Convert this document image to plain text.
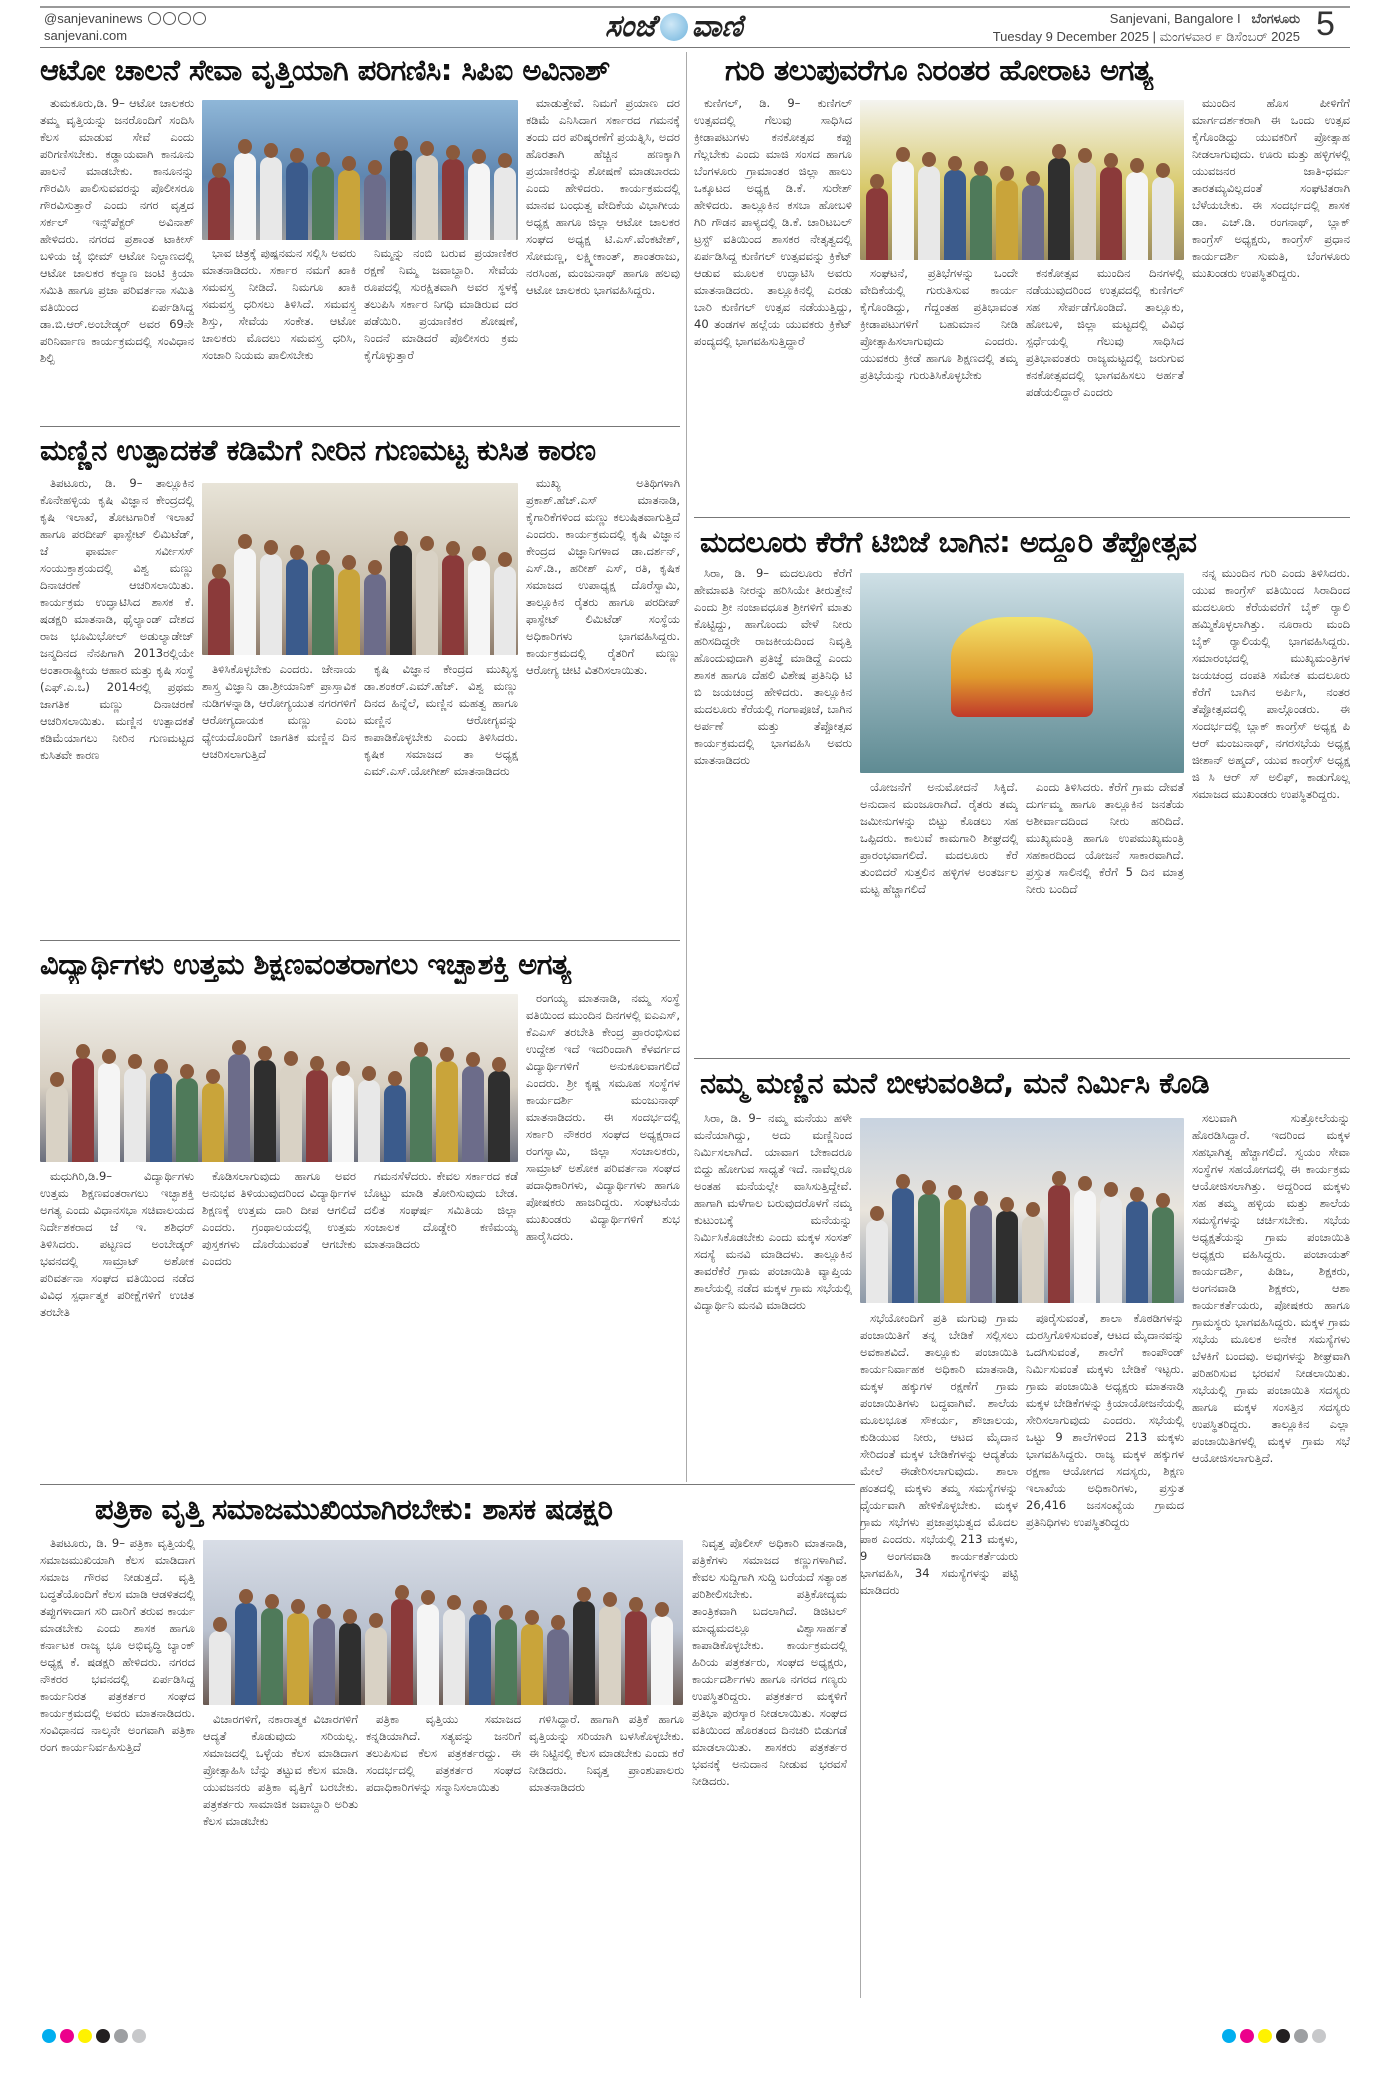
@sanjevaninews
sanjevani.com	ಸಂಜೆ ವಾಣಿ	Sanjevani, Bangalore I ಬೆಂಗಳೂರು
Tuesday 9 December 2025 | ಮಂಗಳವಾರ ೯ ಡಿಸೆಂಬರ್ 2025 5
ಆಟೋ ಚಾಲನೆ ಸೇವಾ ವೃತ್ತಿಯಾಗಿ ಪರಿಗಣಿಸಿ: ಸಿಪಿಐ ಅವಿನಾಶ್	ಗುರಿ ತಲುಪುವರೆಗೂ ನಿರಂತರ ಹೋರಾಟ ಅಗತ್ಯ
ಮಣ್ಣಿನ ಉತ್ಪಾದಕತೆ ಕಡಿಮೆಗೆ ನೀರಿನ ಗುಣಮಟ್ಟ ಕುಸಿತ ಕಾರಣ
ಮದಲೂರು ಕೆರೆಗೆ ಟಿಬಿಜೆ ಬಾಗಿನ: ಅದ್ದೂರಿ ತೆಪ್ಪೋತ್ಸವ
ವಿದ್ಯಾರ್ಥಿಗಳು ಉತ್ತಮ ಶಿಕ್ಷಣವಂತರಾಗಲು ಇಚ್ಛಾಶಕ್ತಿ ಅಗತ್ಯ
ನಮ್ಮ ಮಣ್ಣಿನ ಮನೆ ಬೀಳುವಂತಿದೆ, ಮನೆ ನಿರ್ಮಿಸಿ ಕೊಡಿ
ಪತ್ರಿಕಾ ವೃತ್ತಿ ಸಮಾಜಮುಖಿಯಾಗಿರಬೇಕು: ಶಾಸಕ ಷಡಕ್ಷರಿ
ತುಮಕೂರು,ಡಿ. 9– ಆಟೋ ಚಾಲಕರು ತಮ್ಮ ವೃತ್ತಿಯನ್ನು ಜನರೊಂದಿಗೆ ಸಂದಿಸಿ ಕೆಲಸ ಮಾಡುವ ಸೇವೆ ಎಂದು ಪರಿಗಣಿಸಬೇಕು. ಕಡ್ಡಾಯವಾಗಿ ಕಾನೂನು ಪಾಲನೆ ಮಾಡಬೇಕು. ಕಾನೂನನ್ನು ಗೌರವಿಸಿ ಪಾಲಿಸುವವರನ್ನು ಪೊಲೀಸರೂ ಗೌರವಿಸುತ್ತಾರೆ ಎಂದು ನಗರ ವೃತ್ತದ ಸರ್ಕಲ್ ಇನ್ಸ್‌ಪೆಕ್ಟರ್ ಅವಿನಾಶ್ ಹೇಳಿದರು. ನಗರದ ಪ್ರಶಾಂತ ಟಾಕೀಸ್ ಬಳಿಯ ಜೈ ಭೀಮ್ ಆಟೋ ನಿಲ್ದಾಣದಲ್ಲಿ ಆಟೋ ಚಾಲಕರ ಕಲ್ಯಾಣ ಜಂಟಿ ಕ್ರಿಯಾ ಸಮಿತಿ ಹಾಗೂ ಪ್ರಜಾ ಪರಿವರ್ತನಾ ಸಮಿತಿ ವತಿಯಿಂದ ಏರ್ಪಡಿಸಿದ್ದ ಡಾ.ಬಿ.ಆರ್.ಅಂಬೇಡ್ಕರ್ ಅವರ 69ನೇ ಪರಿನಿರ್ವಾಣ ಕಾರ್ಯಕ್ರಮದಲ್ಲಿ ಸಂವಿಧಾನ ಶಿಲ್ಪಿ
ಭಾವ ಚಿತ್ರಕ್ಕೆ ಪುಷ್ಪನಮನ ಸಲ್ಲಿಸಿ ಅವರು ಮಾತನಾಡಿದರು. ಸರ್ಕಾರ ನಮಗೆ ಖಾಕಿ ಸಮವಸ್ತ್ರ ನೀಡಿದೆ. ನಿಮಗೂ ಖಾಕಿ ಸಮವಸ್ತ್ರ ಧರಿಸಲು ತಿಳಿಸಿದೆ. ಸಮವಸ್ತ್ರ ಶಿಸ್ತು, ಸೇವೆಯ ಸಂಕೇತ. ಆಟೋ ಚಾಲಕರು ಮೊದಲು ಸಮವಸ್ತ್ರ ಧರಿಸಿ, ಸಂಚಾರಿ ನಿಯಮ ಪಾಲಿಸಬೇಕು
ನಿಮ್ಮನ್ನು ನಂಬಿ ಬರುವ ಪ್ರಯಾಣಿಕರ ರಕ್ಷಣೆ ನಿಮ್ಮ ಜವಾಬ್ದಾರಿ. ಸೇವೆಯ ರೂಪದಲ್ಲಿ ಸುರಕ್ಷಿತವಾಗಿ ಅವರ ಸ್ಥಳಕ್ಕೆ ತಲುಪಿಸಿ ಸರ್ಕಾರ ನಿಗಧಿ ಮಾಡಿರುವ ದರ ಪಡೆಯಿರಿ. ಪ್ರಯಾಣಿಕರ ಶೋಷಣೆ, ನಿಂದನೆ ಮಾಡಿದರೆ ಪೊಲೀಸರು ಕ್ರಮ ಕೈಗೊಳ್ಳುತ್ತಾರೆ
ಮಾಡುತ್ತೇವೆ. ನಿಮಗೆ ಪ್ರಯಾಣ ದರ ಕಡಿಮೆ ಎನಿಸಿದಾಗ ಸರ್ಕಾರದ ಗಮನಕ್ಕೆ ತಂದು ದರ ಪರಿಷ್ಕರಣೆಗೆ ಪ್ರಯತ್ನಿಸಿ, ಅದರ ಹೊರತಾಗಿ ಹೆಚ್ಚಿನ ಹಣಕ್ಕಾಗಿ ಪ್ರಯಾಣಿಕರನ್ನು ಶೋಷಣೆ ಮಾಡಬಾರದು ಎಂದು ಹೇಳಿದರು. ಕಾರ್ಯಕ್ರಮದಲ್ಲಿ ಮಾನವ ಬಂಧುತ್ವ ವೇದಿಕೆಯ ವಿಭಾಗೀಯ ಅಧ್ಯಕ್ಷ ಹಾಗೂ ಜಿಲ್ಲಾ ಆಟೋ ಚಾಲಕರ ಸಂಘದ ಅಧ್ಯಕ್ಷ ಟಿ.ಎಸ್.ವೆಂಕಟೇಶ್, ಸೋಮಣ್ಣ, ಲಕ್ಷ್ಮೀಕಾಂತ್, ಶಾಂತರಾಜು, ನರಸಿಂಹ, ಮಂಜುನಾಥ್ ಹಾಗೂ ಹಲವು ಆಟೋ ಚಾಲಕರು ಭಾಗವಹಿಸಿದ್ದರು.
ತಿಪಟೂರು, ಡಿ. 9– ತಾಲ್ಲೂಕಿನ ಕೊನೇಹಳ್ಳಿಯ ಕೃಷಿ ವಿಜ್ಞಾನ ಕೇಂದ್ರದಲ್ಲಿ ಕೃಷಿ ಇಲಾಖೆ, ತೋಟಗಾರಿಕೆ ಇಲಾಖೆ ಹಾಗೂ ಪರದೀಪ್ ಫಾಸ್ಫೇಟ್ ಲಿಮಿಟೆಡ್, ಜೆ ಫಾರ್ಮಾ ಸರ್ವೀಸಸ್ ಸಂಯುಕ್ತಾಶ್ರಯದಲ್ಲಿ ವಿಶ್ವ ಮಣ್ಣು ದಿನಾಚರಣೆ ಆಚರಿಸಲಾಯಿತು. ಕಾರ್ಯಕ್ರಮ ಉದ್ಘಾಟಿಸಿದ ಶಾಸಕ ಕೆ. ಷಡಕ್ಷರಿ ಮಾತನಾಡಿ, ಥೈಲ್ಯಾಂಡ್ ದೇಶದ ರಾಜ ಭೂಮಿಭೋಲ್ ಅಡುಲ್ಯಾಡೇಜ್ ಜನ್ಮದಿನದ ನೆನಪಿಗಾಗಿ 2013ರಲ್ಲಿಯೇ ಅಂತಾರಾಷ್ಟ್ರೀಯ ಆಹಾರ ಮತ್ತು ಕೃಷಿ ಸಂಸ್ಥೆ (ಎಫ್.ಎ.ಒ) 2014ರಲ್ಲಿ ಪ್ರಥಮ ಜಾಗತಿಕ ಮಣ್ಣು ದಿನಾಚರಣೆ ಆಚರಿಸಲಾಯಿತು. ಮಣ್ಣಿನ ಉತ್ಪಾದಕತೆ ಕಡಿಮೆಯಾಗಲು ನೀರಿನ ಗುಣಮಟ್ಟದ ಕುಸಿತವೇ ಕಾರಣ
ತಿಳಿಸಿಕೊಳ್ಳಬೇಕು ಎಂದರು. ಜೇನಾಯ ಶಾಸ್ತ್ರ ವಿಜ್ಞಾನಿ ಡಾ.ಶ್ರೀಯಾನಿಕ್ ಪ್ರಾಸ್ತಾವಿಕ ನುಡಿಗಳನ್ನಾಡಿ, ಆರೋಗ್ಯಯುತ ನಗರಗಳಿಗೆ ಆರೋಗ್ಯದಾಯಕ ಮಣ್ಣು ಎಂಬ ಧ್ಯೇಯದೊಂದಿಗೆ ಜಾಗತಿಕ ಮಣ್ಣಿನ ದಿನ ಆಚರಿಸಲಾಗುತ್ತಿದೆ
ಕೃಷಿ ವಿಜ್ಞಾನ ಕೇಂದ್ರದ ಮುಖ್ಯಸ್ಥ ಡಾ.ಶಂಕರ್.ಎಮ್.ಹೆಚ್. ವಿಶ್ವ ಮಣ್ಣು ದಿನದ ಹಿನ್ನೆಲೆ, ಮಣ್ಣಿನ ಮಹತ್ವ ಹಾಗೂ ಮಣ್ಣಿನ ಆರೋಗ್ಯವನ್ನು ಕಾಪಾಡಿಕೊಳ್ಳಬೇಕು ಎಂದು ತಿಳಿಸಿದರು. ಕೃಷಿಕ ಸಮಾಜದ ತಾ ಅಧ್ಯಕ್ಷ ಎಮ್.ಎಸ್.ಯೋಗೀಶ್ ಮಾತನಾಡಿದರು
ಮುಖ್ಯ ಅತಿಥಿಗಳಾಗಿ ಪ್ರಕಾಶ್.ಹೆಚ್.ಎಸ್ ಮಾತನಾಡಿ, ಕೈಗಾರಿಕೆಗಳಿಂದ ಮಣ್ಣು ಕಲುಷಿತವಾಗುತ್ತಿದೆ ಎಂದರು. ಕಾರ್ಯಕ್ರಮದಲ್ಲಿ ಕೃಷಿ ವಿಜ್ಞಾನ ಕೇಂದ್ರದ ವಿಜ್ಞಾನಿಗಳಾದ ಡಾ.ದರ್ಶನ್, ಎಸ್.ಡಿ., ಹರೀಶ್ ಎಸ್, ರತಿ, ಕೃಷಿಕ ಸಮಾಜದ ಉಪಾಧ್ಯಕ್ಷ ದೊರೆಸ್ವಾಮಿ, ತಾಲ್ಲೂಕಿನ ರೈತರು ಹಾಗೂ ಪರದೀಪ್ ಫಾಸ್ಫೇಟ್ ಲಿಮಿಟೆಡ್ ಸಂಸ್ಥೆಯ ಅಧಿಕಾರಿಗಳು ಭಾಗವಹಿಸಿದ್ದರು. ಕಾರ್ಯಕ್ರಮದಲ್ಲಿ ರೈತರಿಗೆ ಮಣ್ಣು ಆರೋಗ್ಯ ಚೀಟಿ ವಿತರಿಸಲಾಯಿತು.
ಮಧುಗಿರಿ,ಡಿ.9– ವಿದ್ಯಾರ್ಥಿಗಳು ಉತ್ತಮ ಶಿಕ್ಷಣವಂತರಾಗಲು ಇಚ್ಛಾಶಕ್ತಿ ಅಗತ್ಯ ಎಂದು ವಿಧಾನಸಭಾ ಸಚಿವಾಲಯದ ನಿರ್ದೇಶಕರಾದ ಜೆ ಇ. ಶಶಿಧರ್ ತಿಳಿಸಿದರು. ಪಟ್ಟಣದ ಅಂಬೇಡ್ಕರ್ ಭವನದಲ್ಲಿ ಸಾಮ್ರಾಟ್ ಅಶೋಕ ಪರಿವರ್ತನಾ ಸಂಘದ ವತಿಯಿಂದ ನಡೆದ ವಿವಿಧ ಸ್ಪರ್ಧಾತ್ಮಕ ಪರೀಕ್ಷೆಗಳಿಗೆ ಉಚಿತ ತರಬೇತಿ
ಕೊಡಿಸಲಾಗುವುದು ಹಾಗೂ ಅವರ ಅನುಭವ ತಿಳಿಯುವುದರಿಂದ ವಿದ್ಯಾರ್ಥಿಗಳ ಶಿಕ್ಷಣಕ್ಕೆ ಉತ್ತಮ ದಾರಿ ದೀಪ ಆಗಲಿದೆ ಎಂದರು. ಗ್ರಂಥಾಲಯದಲ್ಲಿ ಉತ್ತಮ ಪುಸ್ತಕಗಳು ದೊರೆಯುವಂತೆ ಆಗಬೇಕು ಎಂದರು
ಗಮನಸೆಳೆದರು. ಕೇವಲ ಸರ್ಕಾರದ ಕಡೆ ಬೊಟ್ಟು ಮಾಡಿ ತೋರಿಸುವುದು ಬೇಡ. ದಲಿತ ಸಂಘರ್ಷ ಸಮಿತಿಯ ಜಿಲ್ಲಾ ಸಂಚಾಲಕ ದೊಡ್ಡೇರಿ ಕಣಿಮಯ್ಯ ಮಾತನಾಡಿದರು
ರಂಗಯ್ಯ ಮಾತನಾಡಿ, ನಮ್ಮ ಸಂಸ್ಥೆ ವತಿಯಿಂದ ಮುಂದಿನ ದಿನಗಳಲ್ಲಿ ಐಎಎಸ್, ಕೆಎಎಸ್ ತರಬೇತಿ ಕೇಂದ್ರ ಪ್ರಾರಂಭಿಸುವ ಉದ್ದೇಶ ಇದೆ ಇದರಿಂದಾಗಿ ಕೆಳವರ್ಗದ ವಿದ್ಯಾರ್ಥಿಗಳಿಗೆ ಅನುಕೂಲವಾಗಲಿದೆ ಎಂದರು. ಶ್ರೀ ಕೃಷ್ಣ ಸಮೂಹ ಸಂಸ್ಥೆಗಳ ಕಾರ್ಯದರ್ಶಿ ಮಂಜುನಾಥ್ ಮಾತನಾಡಿದರು. ಈ ಸಂದರ್ಭದಲ್ಲಿ ಸರ್ಕಾರಿ ನೌಕರರ ಸಂಘದ ಅಧ್ಯಕ್ಷರಾದ ರಂಗಸ್ವಾಮಿ, ಜಿಲ್ಲಾ ಸಂಚಾಲಕರು, ಸಾಮ್ರಾಟ್ ಅಶೋಕ ಪರಿವರ್ತನಾ ಸಂಘದ ಪದಾಧಿಕಾರಿಗಳು, ವಿದ್ಯಾರ್ಥಿಗಳು ಹಾಗೂ ಪೋಷಕರು ಹಾಜರಿದ್ದರು. ಸಂಘಟನೆಯ ಮುಖಂಡರು ವಿದ್ಯಾರ್ಥಿಗಳಿಗೆ ಶುಭ ಹಾರೈಸಿದರು.
ಕುಣಿಗಲ್, ಡಿ. 9– ಕುಣಿಗಲ್ ಉತ್ಸವದಲ್ಲಿ ಗೆಲುವು ಸಾಧಿಸಿದ ಕ್ರೀಡಾಪಟುಗಳು ಕನಕೋತ್ಸವ ಕಪ್ಪು ಗೆಲ್ಲಬೇಕು ಎಂದು ಮಾಜಿ ಸಂಸದ ಹಾಗೂ ಬೆಂಗಳೂರು ಗ್ರಾಮಾಂತರ ಜಿಲ್ಲಾ ಹಾಲು ಒಕ್ಕೂಟದ ಅಧ್ಯಕ್ಷ ಡಿ.ಕೆ. ಸುರೇಶ್ ಹೇಳಿದರು. ತಾಲ್ಲೂಕಿನ ಕಸಬಾ ಹೋಬಳಿ ಗಿರಿ ಗೌಡನ ಪಾಳ್ಯದಲ್ಲಿ ಡಿ.ಕೆ. ಚಾರಿಟಬಲ್ ಟ್ರಸ್ಟ್ ವತಿಯಿಂದ ಶಾಸಕರ ನೇತೃತ್ವದಲ್ಲಿ ಏರ್ಪಡಿಸಿದ್ದ ಕುಣಿಗಲ್ ಉತ್ಸವವನ್ನು ಕ್ರಿಕೆಟ್ ಆಡುವ ಮೂಲಕ ಉದ್ಘಾಟಿಸಿ ಅವರು ಮಾತನಾಡಿದರು. ತಾಲ್ಲೂಕಿನಲ್ಲಿ ಎರಡು ಬಾರಿ ಕುಣಿಗಲ್ ಉತ್ಸವ ನಡೆಯುತ್ತಿದ್ದು, 40 ತಂಡಗಳ ಹಲ್ಲೆಯ ಯುವಕರು ಕ್ರಿಕೆಟ್ ಪಂದ್ಯದಲ್ಲಿ ಭಾಗವಹಿಸುತ್ತಿದ್ದಾರೆ
ಸಂಘಟನೆ, ಪ್ರತಿಭೆಗಳನ್ನು ಒಂದೇ ವೇದಿಕೆಯಲ್ಲಿ ಗುರುತಿಸುವ ಕಾರ್ಯ ಕೈಗೊಂಡಿದ್ದು, ಗೆದ್ದಂತಹ ಪ್ರತಿಭಾವಂತ ಕ್ರೀಡಾಪಟುಗಳಿಗೆ ಬಹುಮಾನ ನೀಡಿ ಪ್ರೋತ್ಸಾಹಿಸಲಾಗುವುದು ಎಂದರು. ಯುವಕರು ಕ್ರೀಡೆ ಹಾಗೂ ಶಿಕ್ಷಣದಲ್ಲಿ ತಮ್ಮ ಪ್ರತಿಭೆಯನ್ನು ಗುರುತಿಸಿಕೊಳ್ಳಬೇಕು
ಕನಕೋತ್ಸವ ಮುಂದಿನ ದಿನಗಳಲ್ಲಿ ನಡೆಯುವುದರಿಂದ ಉತ್ಸವದಲ್ಲಿ ಕುಣಿಗಲ್ ಸಹ ಸೇರ್ಪಡೆಗೊಂಡಿದೆ. ತಾಲ್ಲೂಕು, ಹೋಬಳಿ, ಜಿಲ್ಲಾ ಮಟ್ಟದಲ್ಲಿ ವಿವಿಧ ಸ್ಪರ್ಧೆಯಲ್ಲಿ ಗೆಲುವು ಸಾಧಿಸಿದ ಪ್ರತಿಭಾವಂತರು ರಾಜ್ಯಮಟ್ಟದಲ್ಲಿ ಜರುಗುವ ಕನಕೋತ್ಸವದಲ್ಲಿ ಭಾಗವಹಿಸಲು ಅರ್ಹತೆ ಪಡೆಯಲಿದ್ದಾರೆ ಎಂದರು
ಮುಂದಿನ ಹೊಸ ಪೀಳಿಗೆಗೆ ಮಾರ್ಗದರ್ಶಕರಾಗಿ ಈ ಒಂದು ಉತ್ಸವ ಕೈಗೊಂಡಿದ್ದು ಯುವಕರಿಗೆ ಪ್ರೋತ್ಸಾಹ ನೀಡಲಾಗುವುದು. ಊರು ಮತ್ತು ಹಳ್ಳಿಗಳಲ್ಲಿ ಯುವಜನರ ಜಾತಿ-ಧರ್ಮ ತಾರತಮ್ಯವಿಲ್ಲದಂತೆ ಸಂಘಟಿತರಾಗಿ ಬೆಳೆಯಬೇಕು. ಈ ಸಂದರ್ಭದಲ್ಲಿ ಶಾಸಕ ಡಾ. ಎಚ್.ಡಿ. ರಂಗನಾಥ್, ಬ್ಲಾಕ್ ಕಾಂಗ್ರೆಸ್ ಅಧ್ಯಕ್ಷರು, ಕಾಂಗ್ರೆಸ್ ಪ್ರಧಾನ ಕಾರ್ಯದರ್ಶಿ ಸುಮತಿ, ಬೆಂಗಳೂರು ಮುಖಂಡರು ಉಪಸ್ಥಿತರಿದ್ದರು.
ಸಿರಾ, ಡಿ. 9– ಮದಲೂರು ಕೆರೆಗೆ ಹೇಮಾವತಿ ನೀರನ್ನು ಹರಿಸಿಯೇ ತೀರುತ್ತೇನೆ ಎಂದು ಶ್ರೀ ನಂಜಾವಧೂತ ಶ್ರೀಗಳಿಗೆ ಮಾತು ಕೊಟ್ಟಿದ್ದು, ಹಾಗೊಂದು ವೇಳೆ ನೀರು ಹರಿಸದಿದ್ದರೇ ರಾಜಕೀಯದಿಂದ ನಿವೃತ್ತಿ ಹೊಂದುವುದಾಗಿ ಪ್ರತಿಜ್ಞೆ ಮಾಡಿದ್ದೆ ಎಂದು ಶಾಸಕ ಹಾಗೂ ದೆಹಲಿ ವಿಶೇಷ ಪ್ರತಿನಿಧಿ ಟಿ ಬಿ ಜಯಚಂದ್ರ ಹೇಳಿದರು. ತಾಲ್ಲೂಕಿನ ಮದಲೂರು ಕೆರೆಯಲ್ಲಿ ಗಂಗಾಪೂಜೆ, ಬಾಗಿನ ಅರ್ಪಣೆ ಮತ್ತು ತೆಪ್ಪೋತ್ಸವ ಕಾರ್ಯಕ್ರಮದಲ್ಲಿ ಭಾಗವಹಿಸಿ ಅವರು ಮಾತನಾಡಿದರು
ಯೋಜನೆಗೆ ಅನುಮೋದನೆ ಸಿಕ್ಕಿದೆ. ಅನುದಾನ ಮಂಜೂರಾಗಿದೆ. ರೈತರು ತಮ್ಮ ಜಮೀನುಗಳನ್ನು ಬಿಟ್ಟು ಕೊಡಲು ಸಹ ಒಪ್ಪಿದರು. ಕಾಲುವೆ ಕಾಮಗಾರಿ ಶೀಘ್ರದಲ್ಲಿ ಪ್ರಾರಂಭವಾಗಲಿದೆ. ಮದಲೂರು ಕೆರೆ ತುಂಬಿದರೆ ಸುತ್ತಲಿನ ಹಳ್ಳಿಗಳ ಅಂತರ್ಜಲ ಮಟ್ಟ ಹೆಚ್ಚಾಗಲಿದೆ
ಎಂದು ತಿಳಿಸಿದರು. ಕೆರೆಗೆ ಗ್ರಾಮ ದೇವತೆ ದುರ್ಗಮ್ಮ ಹಾಗೂ ತಾಲ್ಲೂಕಿನ ಜನತೆಯ ಅಶೀರ್ವಾದದಿಂದ ನೀರು ಹರಿದಿದೆ. ಮುಖ್ಯಮಂತ್ರಿ ಹಾಗೂ ಉಪಮುಖ್ಯಮಂತ್ರಿ ಸಹಕಾರದಿಂದ ಯೋಜನೆ ಸಾಕಾರವಾಗಿದೆ. ಪ್ರಸ್ತುತ ಸಾಲಿನಲ್ಲಿ ಕೆರೆಗೆ 5 ದಿನ ಮಾತ್ರ ನೀರು ಬಂದಿದೆ
ನನ್ನ ಮುಂದಿನ ಗುರಿ ಎಂದು ತಿಳಿಸಿದರು. ಯುವ ಕಾಂಗ್ರೆಸ್ ವತಿಯಿಂದ ಸಿರಾದಿಂದ ಮದಲೂರು ಕೆರೆಯವರೆಗೆ ಬೈಕ್ ರ್‍ಯಾಲಿ ಹಮ್ಮಿಕೊಳ್ಳಲಾಗಿತ್ತು. ನೂರಾರು ಮಂದಿ ಬೈಕ್ ರ್‍ಯಾಲಿಯಲ್ಲಿ ಭಾಗವಹಿಸಿದ್ದರು. ಸಮಾರಂಭದಲ್ಲಿ ಮುಖ್ಯಮಂತ್ರಿಗಳ ಜಯಚಂದ್ರ ದಂಪತಿ ಸಮೇತ ಮದಲೂರು ಕೆರೆಗೆ ಬಾಗಿನ ಅರ್ಪಿಸಿ, ನಂತರ ತೆಪ್ಪೋತ್ಸವದಲ್ಲಿ ಪಾಲ್ಗೊಂಡರು. ಈ ಸಂದರ್ಭದಲ್ಲಿ ಬ್ಲಾಕ್ ಕಾಂಗ್ರೆಸ್ ಅಧ್ಯಕ್ಷ ಪಿ ಆರ್ ಮಂಜುನಾಥ್, ನಗರಸಭೆಯ ಅಧ್ಯಕ್ಷ ಜೀಶಾನ್ ಅಹ್ಮದ್, ಯುವ ಕಾಂಗ್ರೆಸ್ ಅಧ್ಯಕ್ಷ ಜಿ ಸಿ ಆರ್ ಸ್ ಅಲಿಫ್, ಕಾಡುಗೊಲ್ಲ ಸಮಾಜದ ಮುಖಂಡರು ಉಪಸ್ಥಿತರಿದ್ದರು.
ಸಿರಾ, ಡಿ. 9– ನಮ್ಮ ಮನೆಯು ಹಳೇ ಮನೆಯಾಗಿದ್ದು, ಅದು ಮಣ್ಣಿನಿಂದ ನಿರ್ಮಿಸಲಾಗಿದೆ. ಯಾವಾಗ ಬೇಕಾದರೂ ಬಿದ್ದು ಹೋಗುವ ಸಾಧ್ಯತೆ ಇದೆ. ನಾವೆಲ್ಲರೂ ಅಂತಹ ಮನೆಯಲ್ಲೇ ವಾಸಿಸುತ್ತಿದ್ದೇವೆ. ಹಾಗಾಗಿ ಮಳೆಗಾಲ ಬರುವುದರೊಳಗೆ ನಮ್ಮ ಕುಟುಂಬಕ್ಕೆ ಮನೆಯನ್ನು ನಿರ್ಮಿಸಿಕೊಡಬೇಕು ಎಂದು ಮಕ್ಕಳ ಸಂಸತ್ ಸದಸ್ಯೆ ಮನವಿ ಮಾಡಿದಳು. ತಾಲ್ಲೂಕಿನ ತಾವರೆಕೆರೆ ಗ್ರಾಮ ಪಂಚಾಯಿತಿ ವ್ಯಾಪ್ತಿಯ ಶಾಲೆಯಲ್ಲಿ ನಡೆದ ಮಕ್ಕಳ ಗ್ರಾಮ ಸಭೆಯಲ್ಲಿ ವಿದ್ಯಾರ್ಥಿನಿ ಮನವಿ ಮಾಡಿದರು
ಸಭೆಯೋಂದಿಗೆ ಪ್ರತಿ ಮಗುವು ಗ್ರಾಮ ಪಂಚಾಯಿತಿಗೆ ತನ್ನ ಬೇಡಿಕೆ ಸಲ್ಲಿಸಲು ಅವಕಾಶವಿದೆ. ತಾಲ್ಲೂಕು ಪಂಚಾಯಿತಿ ಕಾರ್ಯನಿರ್ವಾಹಕ ಅಧಿಕಾರಿ ಮಾತನಾಡಿ, ಮಕ್ಕಳ ಹಕ್ಕುಗಳ ರಕ್ಷಣೆಗೆ ಗ್ರಾಮ ಪಂಚಾಯಿತಿಗಳು ಬದ್ಧವಾಗಿವೆ. ಶಾಲೆಯ ಮೂಲಭೂತ ಸೌಕರ್ಯ, ಶೌಚಾಲಯ, ಕುಡಿಯುವ ನೀರು, ಆಟದ ಮೈದಾನ ಸೇರಿದಂತೆ ಮಕ್ಕಳ ಬೇಡಿಕೆಗಳನ್ನು ಆದ್ಯತೆಯ ಮೇಲೆ ಈಡೇರಿಸಲಾಗುವುದು. ಶಾಲಾ ಹಂತದಲ್ಲಿ ಮಕ್ಕಳು ತಮ್ಮ ಸಮಸ್ಯೆಗಳನ್ನು ಧೈರ್ಯವಾಗಿ ಹೇಳಿಕೊಳ್ಳಬೇಕು. ಮಕ್ಕಳ ಗ್ರಾಮ ಸಭೆಗಳು ಪ್ರಜಾಪ್ರಭುತ್ವದ ಮೊದಲ ಪಾಠ ಎಂದರು. ಸಭೆಯಲ್ಲಿ 213 ಮಕ್ಕಳು, 9 ಅಂಗನವಾಡಿ ಕಾರ್ಯಕರ್ತೆಯರು ಭಾಗವಹಿಸಿ, 34 ಸಮಸ್ಯೆಗಳನ್ನು ಪಟ್ಟಿ ಮಾಡಿದರು
ಪೂರೈಸುವಂತೆ, ಶಾಲಾ ಕೊಠಡಿಗಳನ್ನು ದುರಸ್ತಿಗೊಳಿಸುವಂತೆ, ಆಟದ ಮೈದಾನವನ್ನು ಒದಗಿಸುವಂತೆ, ಶಾಲೆಗೆ ಕಾಂಪೌಂಡ್ ನಿರ್ಮಿಸುವಂತೆ ಮಕ್ಕಳು ಬೇಡಿಕೆ ಇಟ್ಟರು. ಗ್ರಾಮ ಪಂಚಾಯಿತಿ ಅಧ್ಯಕ್ಷರು ಮಾತನಾಡಿ ಮಕ್ಕಳ ಬೇಡಿಕೆಗಳನ್ನು ಕ್ರಿಯಾಯೋಜನೆಯಲ್ಲಿ ಸೇರಿಸಲಾಗುವುದು ಎಂದರು. ಸಭೆಯಲ್ಲಿ ಒಟ್ಟು 9 ಶಾಲೆಗಳಿಂದ 213 ಮಕ್ಕಳು ಭಾಗವಹಿಸಿದ್ದರು. ರಾಜ್ಯ ಮಕ್ಕಳ ಹಕ್ಕುಗಳ ರಕ್ಷಣಾ ಆಯೋಗದ ಸದಸ್ಯರು, ಶಿಕ್ಷಣ ಇಲಾಖೆಯ ಅಧಿಕಾರಿಗಳು, ಪ್ರಸ್ತುತ 26,416 ಜನಸಂಖ್ಯೆಯ ಗ್ರಾಮದ ಪ್ರತಿನಿಧಿಗಳು ಉಪಸ್ಥಿತರಿದ್ದರು
ಸಲುವಾಗಿ ಸುತ್ತೋಲೆಯನ್ನು ಹೊರಡಿಸಿದ್ದಾರೆ. ಇದರಿಂದ ಮಕ್ಕಳ ಸಹಭಾಗಿತ್ವ ಹೆಚ್ಚಾಗಲಿದೆ. ಸ್ವಯಂ ಸೇವಾ ಸಂಸ್ಥೆಗಳ ಸಹಯೋಗದಲ್ಲಿ ಈ ಕಾರ್ಯಕ್ರಮ ಆಯೋಜಿಸಲಾಗಿತ್ತು. ಅದ್ದರಿಂದ ಮಕ್ಕಳು ಸಹ ತಮ್ಮ ಹಳ್ಳಿಯ ಮತ್ತು ಶಾಲೆಯ ಸಮಸ್ಯೆಗಳನ್ನು ಚರ್ಚಿಸಬೇಕು. ಸಭೆಯ ಅಧ್ಯಕ್ಷತೆಯನ್ನು ಗ್ರಾಮ ಪಂಚಾಯಿತಿ ಅಧ್ಯಕ್ಷರು ವಹಿಸಿದ್ದರು. ಪಂಚಾಯತ್ ಕಾರ್ಯದರ್ಶಿ, ಪಿಡಿಒ, ಶಿಕ್ಷಕರು, ಅಂಗನವಾಡಿ ಶಿಕ್ಷಕರು, ಆಶಾ ಕಾರ್ಯಕರ್ತೆಯರು, ಪೋಷಕರು ಹಾಗೂ ಗ್ರಾಮಸ್ಥರು ಭಾಗವಹಿಸಿದ್ದರು. ಮಕ್ಕಳ ಗ್ರಾಮ ಸಭೆಯ ಮೂಲಕ ಅನೇಕ ಸಮಸ್ಯೆಗಳು ಬೆಳಕಿಗೆ ಬಂದವು. ಅವುಗಳನ್ನು ಶೀಘ್ರವಾಗಿ ಪರಿಹರಿಸುವ ಭರವಸೆ ನೀಡಲಾಯಿತು. ಸಭೆಯಲ್ಲಿ ಗ್ರಾಮ ಪಂಚಾಯಿತಿ ಸದಸ್ಯರು ಹಾಗೂ ಮಕ್ಕಳ ಸಂಸತ್ತಿನ ಸದಸ್ಯರು ಉಪಸ್ಥಿತರಿದ್ದರು. ತಾಲ್ಲೂಕಿನ ಎಲ್ಲಾ ಪಂಚಾಯಿತಿಗಳಲ್ಲಿ ಮಕ್ಕಳ ಗ್ರಾಮ ಸಭೆ ಆಯೋಜಿಸಲಾಗುತ್ತಿದೆ.
ತಿಪಟೂರು, ಡಿ. 9– ಪತ್ರಿಕಾ ವೃತ್ತಿಯಲ್ಲಿ ಸಮಾಜಮುಖಿಯಾಗಿ ಕೆಲಸ ಮಾಡಿದಾಗ ಸಮಾಜ ಗೌರವ ನೀಡುತ್ತದೆ. ವೃತ್ತಿ ಬದ್ಧತೆಯೊಂದಿಗೆ ಕೆಲಸ ಮಾಡಿ ಆಡಳಿತದಲ್ಲಿ ತಪ್ಪುಗಳಾದಾಗ ಸರಿ ದಾರಿಗೆ ತರುವ ಕಾರ್ಯ ಮಾಡಬೇಕು ಎಂದು ಶಾಸಕ ಹಾಗೂ ಕರ್ನಾಟಕ ರಾಜ್ಯ ಭೂ ಅಭಿವೃದ್ಧಿ ಬ್ಯಾಂಕ್ ಅಧ್ಯಕ್ಷ ಕೆ. ಷಡಕ್ಷರಿ ಹೇಳಿದರು. ನಗರದ ನೌಕರರ ಭವನದಲ್ಲಿ ಏರ್ಪಡಿಸಿದ್ದ ಕಾರ್ಯನಿರತ ಪತ್ರಕರ್ತರ ಸಂಘದ ಕಾರ್ಯಕ್ರಮದಲ್ಲಿ ಅವರು ಮಾತನಾಡಿದರು. ಸಂವಿಧಾನದ ನಾಲ್ಕನೇ ಅಂಗವಾಗಿ ಪತ್ರಿಕಾ ರಂಗ ಕಾರ್ಯನಿರ್ವಹಿಸುತ್ತಿದೆ
ವಿಚಾರಗಳಿಗೆ, ನಕಾರಾತ್ಮಕ ವಿಚಾರಗಳಿಗೆ ಆದ್ಯತೆ ಕೊಡುವುದು ಸರಿಯಲ್ಲ. ಸಮಾಜದಲ್ಲಿ ಒಳ್ಳೆಯ ಕೆಲಸ ಮಾಡಿದಾಗ ಪ್ರೋತ್ಸಾಹಿಸಿ ಬೆನ್ನು ತಟ್ಟುವ ಕೆಲಸ ಮಾಡಿ. ಯುವಜನರು ಪತ್ರಿಕಾ ವೃತ್ತಿಗೆ ಬರಬೇಕು. ಪತ್ರಕರ್ತರು ಸಾಮಾಜಿಕ ಜವಾಬ್ದಾರಿ ಅರಿತು ಕೆಲಸ ಮಾಡಬೇಕು
ಪತ್ರಿಕಾ ವೃತ್ತಿಯು ಸಮಾಜದ ಕನ್ನಡಿಯಾಗಿದೆ. ಸತ್ಯವನ್ನು ಜನರಿಗೆ ತಲುಪಿಸುವ ಕೆಲಸ ಪತ್ರಕರ್ತರದ್ದು. ಈ ಸಂದರ್ಭದಲ್ಲಿ ಪತ್ರಕರ್ತರ ಸಂಘದ ಪದಾಧಿಕಾರಿಗಳನ್ನು ಸನ್ಮಾನಿಸಲಾಯಿತು
ಗಳಿಸಿದ್ದಾರೆ. ಹಾಗಾಗಿ ಪತ್ರಿಕೆ ಹಾಗೂ ವೃತ್ತಿಯನ್ನು ಸರಿಯಾಗಿ ಬಳಸಿಕೊಳ್ಳಬೇಕು. ಈ ನಿಟ್ಟಿನಲ್ಲಿ ಕೆಲಸ ಮಾಡಬೇಕು ಎಂದು ಕರೆ ನೀಡಿದರು. ನಿವೃತ್ತ ಪ್ರಾಂಶುಪಾಲರು ಮಾತನಾಡಿದರು
ನಿವೃತ್ತ ಪೊಲೀಸ್ ಅಧಿಕಾರಿ ಮಾತನಾಡಿ, ಪತ್ರಿಕೆಗಳು ಸಮಾಜದ ಕಣ್ಣುಗಳಾಗಿವೆ. ಕೇವಲ ಸುದ್ದಿಗಾಗಿ ಸುದ್ದಿ ಬರೆಯದೆ ಸತ್ಯಾಂಶ ಪರಿಶೀಲಿಸಬೇಕು. ಪತ್ರಿಕೋದ್ಯಮ ತಾಂತ್ರಿಕವಾಗಿ ಬದಲಾಗಿದೆ. ಡಿಜಿಟಲ್ ಮಾಧ್ಯಮದಲ್ಲೂ ವಿಶ್ವಾಸಾರ್ಹತೆ ಕಾಪಾಡಿಕೊಳ್ಳಬೇಕು. ಕಾರ್ಯಕ್ರಮದಲ್ಲಿ ಹಿರಿಯ ಪತ್ರಕರ್ತರು, ಸಂಘದ ಅಧ್ಯಕ್ಷರು, ಕಾರ್ಯದರ್ಶಿಗಳು ಹಾಗೂ ನಗರದ ಗಣ್ಯರು ಉಪಸ್ಥಿತರಿದ್ದರು. ಪತ್ರಕರ್ತರ ಮಕ್ಕಳಿಗೆ ಪ್ರತಿಭಾ ಪುರಸ್ಕಾರ ನೀಡಲಾಯಿತು. ಸಂಘದ ವತಿಯಿಂದ ಹೊರತಂದ ದಿನಚರಿ ಬಿಡುಗಡೆ ಮಾಡಲಾಯಿತು. ಶಾಸಕರು ಪತ್ರಕರ್ತರ ಭವನಕ್ಕೆ ಅನುದಾನ ನೀಡುವ ಭರವಸೆ ನೀಡಿದರು.
